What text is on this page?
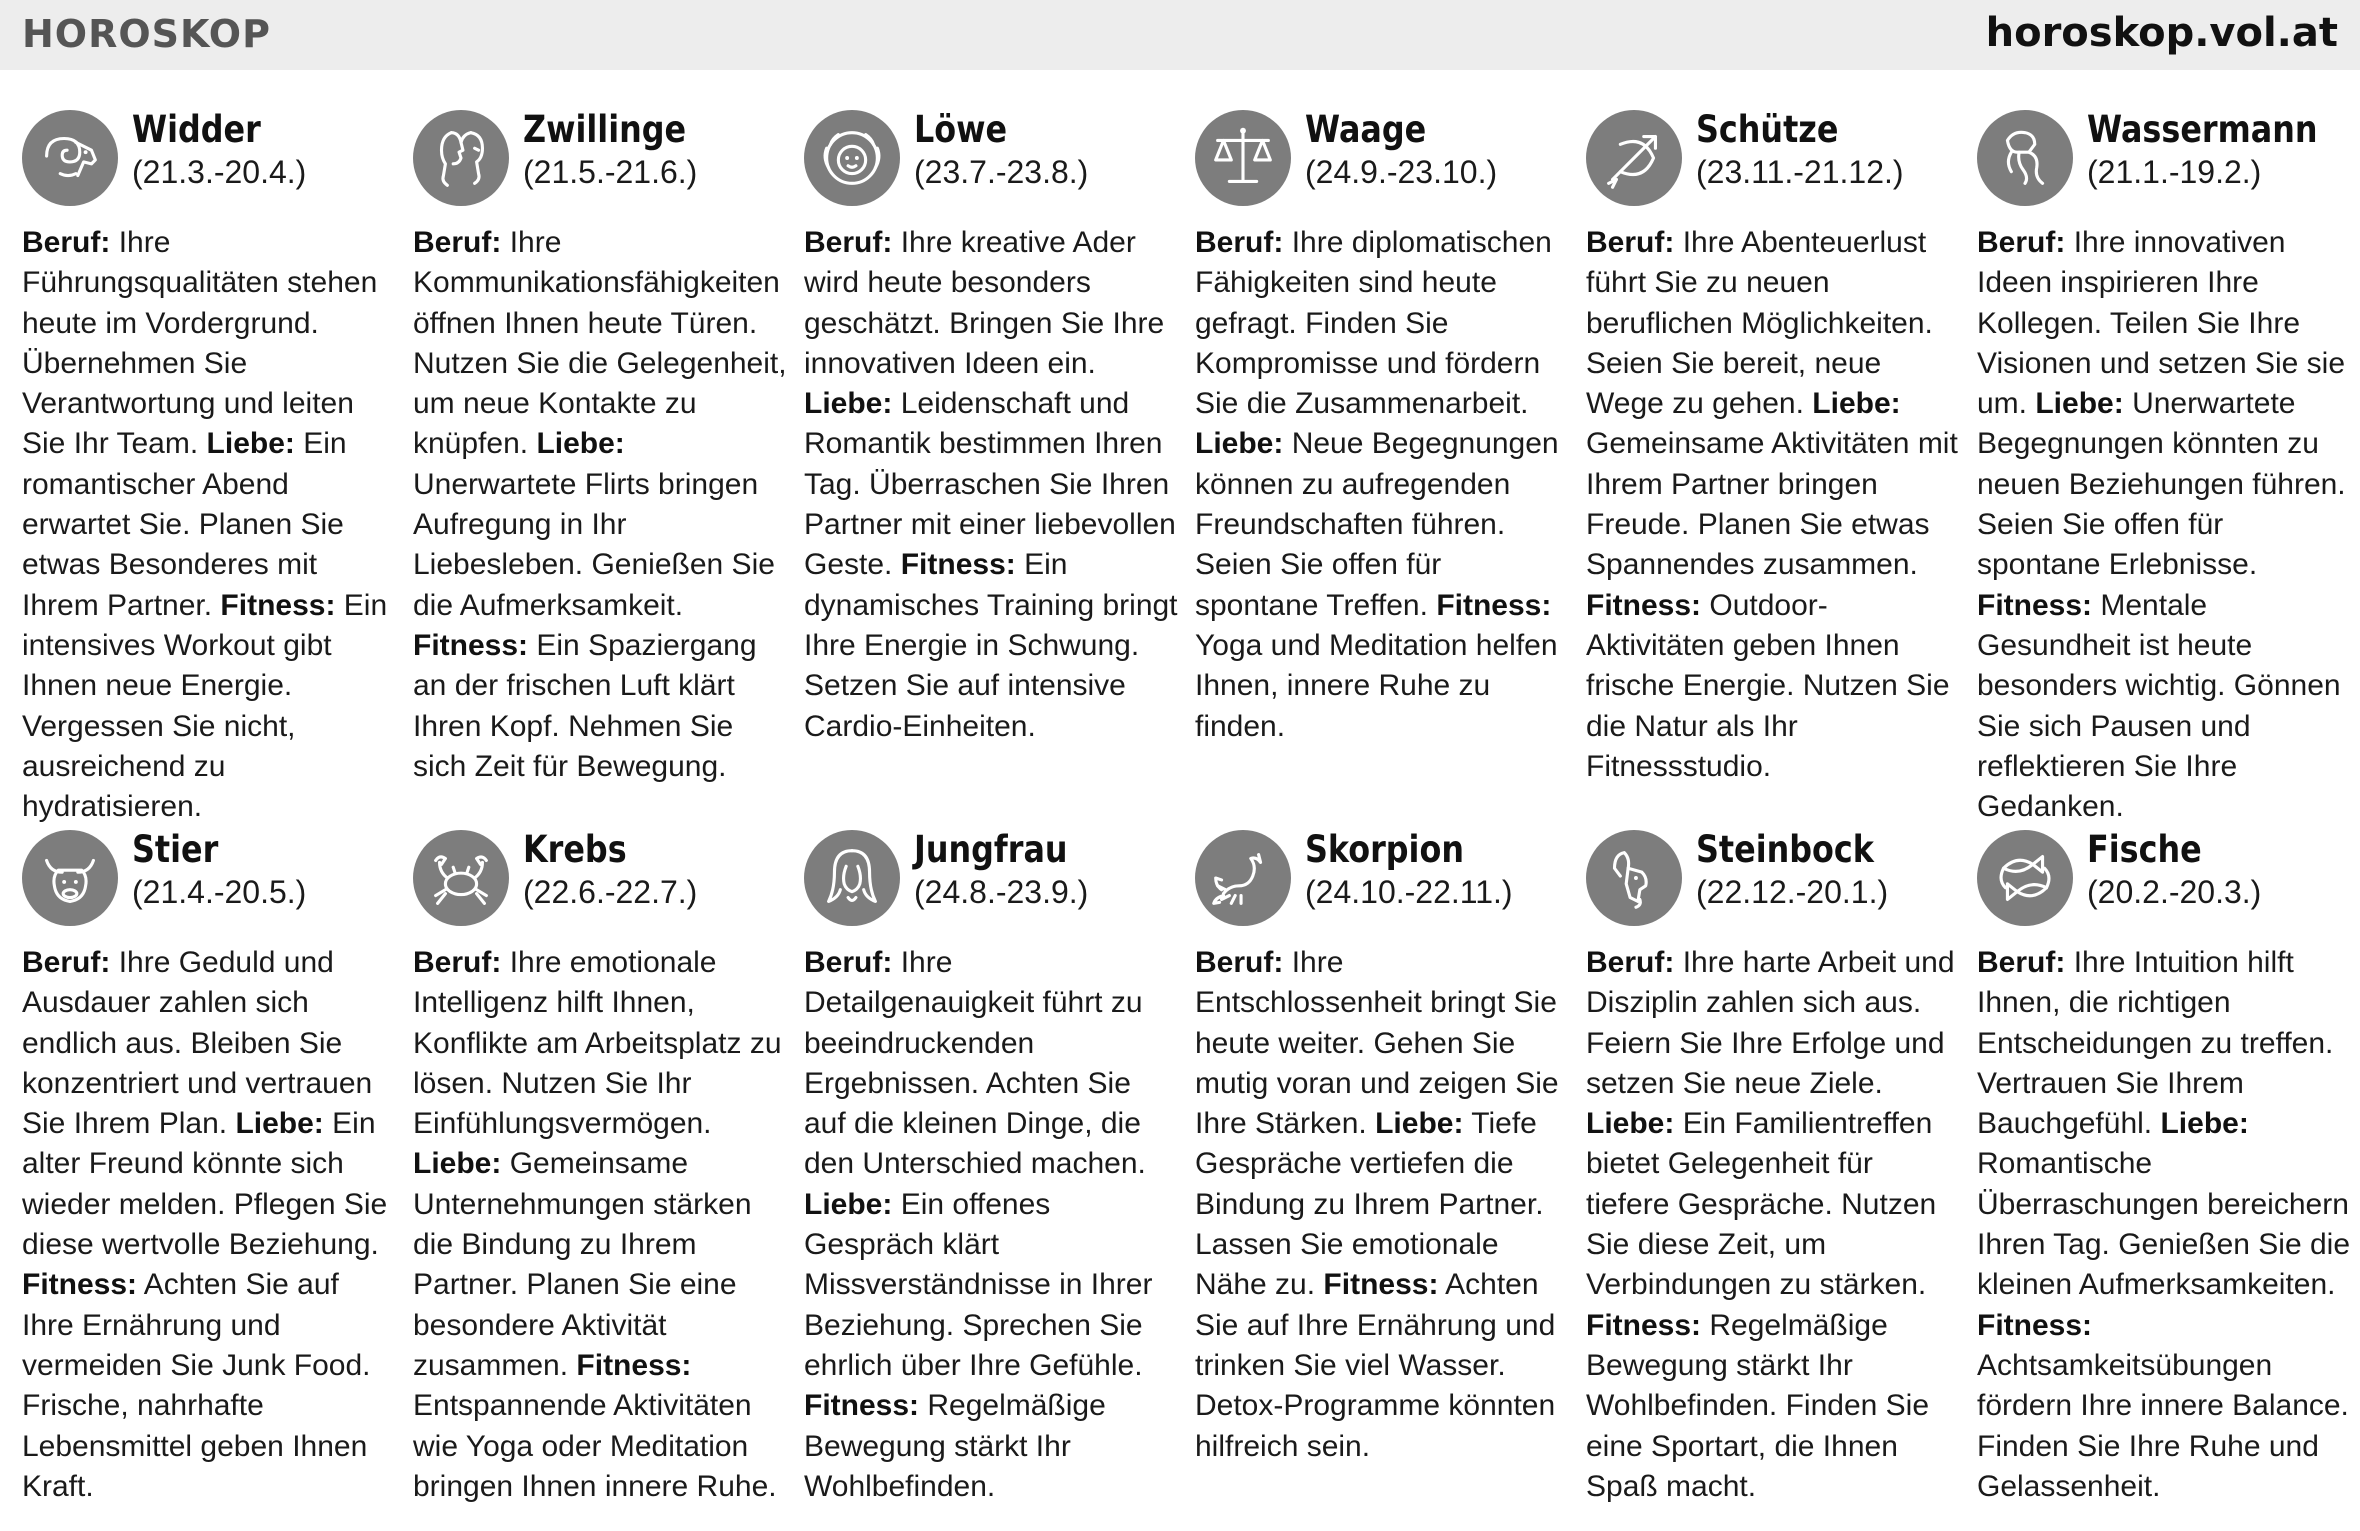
HOROSKOP	horoskop.vol.at
Widder
(21.3.-20.4.)
Beruf: Ihre Führungsqualitäten stehen heute im Vordergrund. Übernehmen Sie Verantwortung und leiten Sie Ihr Team. Liebe: Ein romantischer Abend erwartet Sie. Planen Sie etwas Besonderes mit Ihrem Partner. Fitness: Ein intensives Workout gibt Ihnen neue Energie. Vergessen Sie nicht, ausreichend zu hydratisieren.
Zwillinge
(21.5.-21.6.)
Beruf: Ihre Kommunikationsfähigkeiten öffnen Ihnen heute Türen. Nutzen Sie die Gelegenheit, um neue Kontakte zu knüpfen. Liebe: Unerwartete Flirts bringen Aufregung in Ihr Liebesleben. Genießen Sie die Aufmerksamkeit. Fitness: Ein Spaziergang an der frischen Luft klärt Ihren Kopf. Nehmen Sie sich Zeit für Bewegung.
Löwe
(23.7.-23.8.)
Beruf: Ihre kreative Ader wird heute besonders geschätzt. Bringen Sie Ihre innovativen Ideen ein. Liebe: Leidenschaft und Romantik bestimmen Ihren Tag. Überraschen Sie Ihren Partner mit einer liebevollen Geste. Fitness: Ein dynamisches Training bringt Ihre Energie in Schwung. Setzen Sie auf intensive Cardio-Einheiten.
Waage
(24.9.-23.10.)
Beruf: Ihre diplomatischen Fähigkeiten sind heute gefragt. Finden Sie Kompromisse und fördern Sie die Zusammenarbeit. Liebe: Neue Begegnungen können zu aufregenden Freundschaften führen. Seien Sie offen für spontane Treffen. Fitness: Yoga und Meditation helfen Ihnen, innere Ruhe zu finden.
Schütze
(23.11.-21.12.)
Beruf: Ihre Abenteuerlust führt Sie zu neuen beruflichen Möglichkeiten. Seien Sie bereit, neue Wege zu gehen. Liebe: Gemeinsame Aktivitäten mit Ihrem Partner bringen Freude. Planen Sie etwas Spannendes zusammen. Fitness: Outdoor-Aktivitäten geben Ihnen frische Energie. Nutzen Sie die Natur als Ihr Fitnessstudio.
Wassermann
(21.1.-19.2.)
Beruf: Ihre innovativen Ideen inspirieren Ihre Kollegen. Teilen Sie Ihre Visionen und setzen Sie sie um. Liebe: Unerwartete Begegnungen könnten zu neuen Beziehungen führen. Seien Sie offen für spontane Erlebnisse. Fitness: Mentale Gesundheit ist heute besonders wichtig. Gönnen Sie sich Pausen und reflektieren Sie Ihre Gedanken.
Stier
(21.4.-20.5.)
Beruf: Ihre Geduld und Ausdauer zahlen sich endlich aus. Bleiben Sie konzentriert und vertrauen Sie Ihrem Plan. Liebe: Ein alter Freund könnte sich wieder melden. Pflegen Sie diese wertvolle Beziehung. Fitness: Achten Sie auf Ihre Ernährung und vermeiden Sie Junk Food. Frische, nahrhafte Lebensmittel geben Ihnen Kraft.
Krebs
(22.6.-22.7.)
Beruf: Ihre emotionale Intelligenz hilft Ihnen, Konflikte am Arbeitsplatz zu lösen. Nutzen Sie Ihr Einfühlungsvermögen. Liebe: Gemeinsame Unternehmungen stärken die Bindung zu Ihrem Partner. Planen Sie eine besondere Aktivität zusammen. Fitness: Entspannende Aktivitäten wie Yoga oder Meditation bringen Ihnen innere Ruhe.
Jungfrau
(24.8.-23.9.)
Beruf: Ihre Detailgenauigkeit führt zu beeindruckenden Ergebnissen. Achten Sie auf die kleinen Dinge, die den Unterschied machen. Liebe: Ein offenes Gespräch klärt Missverständnisse in Ihrer Beziehung. Sprechen Sie ehrlich über Ihre Gefühle. Fitness: Regelmäßige Bewegung stärkt Ihr Wohlbefinden.
Skorpion
(24.10.-22.11.)
Beruf: Ihre Entschlossenheit bringt Sie heute weiter. Gehen Sie mutig voran und zeigen Sie Ihre Stärken. Liebe: Tiefe Gespräche vertiefen die Bindung zu Ihrem Partner. Lassen Sie emotionale Nähe zu. Fitness: Achten Sie auf Ihre Ernährung und trinken Sie viel Wasser. Detox-Programme könnten hilfreich sein.
Steinbock
(22.12.-20.1.)
Beruf: Ihre harte Arbeit und Disziplin zahlen sich aus. Feiern Sie Ihre Erfolge und setzen Sie neue Ziele. Liebe: Ein Familientreffen bietet Gelegenheit für tiefere Gespräche. Nutzen Sie diese Zeit, um Verbindungen zu stärken. Fitness: Regelmäßige Bewegung stärkt Ihr Wohlbefinden. Finden Sie eine Sportart, die Ihnen Spaß macht.
Fische
(20.2.-20.3.)
Beruf: Ihre Intuition hilft Ihnen, die richtigen Entscheidungen zu treffen. Vertrauen Sie Ihrem Bauchgefühl. Liebe: Romantische Überraschungen bereichern Ihren Tag. Genießen Sie die kleinen Aufmerksamkeiten. Fitness: Achtsamkeitsübungen fördern Ihre innere Balance. Finden Sie Ihre Ruhe und Gelassenheit.
